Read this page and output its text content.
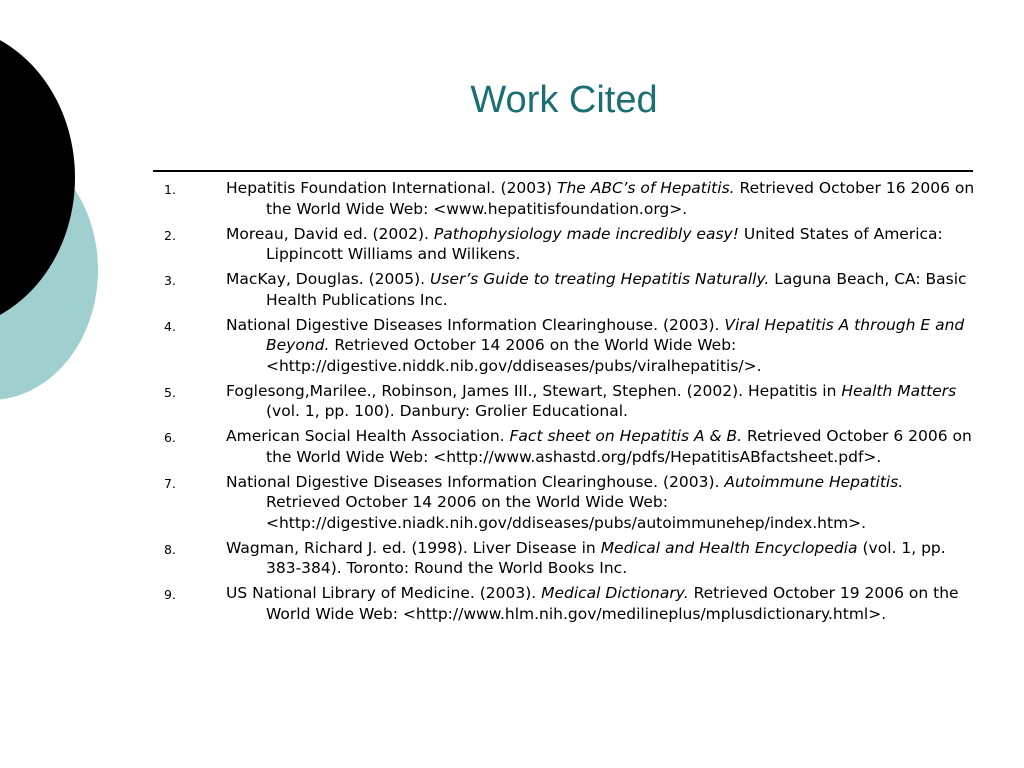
Work Cited
1.	Hepatitis Foundation International. (2003) The ABC’s of Hepatitis. Retrieved October 16 2006 on the World Wide Web: <www.hepatitisfoundation.org>.
2.	Moreau, David ed. (2002). Pathophysiology made incredibly easy! United States of America: Lippincott Williams and Wilikens.
3.	MacKay, Douglas. (2005). User’s Guide to treating Hepatitis Naturally. Laguna Beach, CA: Basic Health Publications Inc.
4.	National Digestive Diseases Information Clearinghouse. (2003). Viral Hepatitis A through E and Beyond. Retrieved October 14 2006 on the World Wide Web: <http://digestive.niddk.nib.gov/ddiseases/pubs/viralhepatitis/>.
5.	Foglesong,Marilee., Robinson, James III., Stewart, Stephen. (2002). Hepatitis in Health Matters (vol. 1, pp. 100). Danbury: Grolier Educational.
6.	American Social Health Association. Fact sheet on Hepatitis A & B. Retrieved October 6 2006 on the World Wide Web: <http://www.ashastd.org/pdfs/HepatitisABfactsheet.pdf>.
7.	National Digestive Diseases Information Clearinghouse. (2003). Autoimmune Hepatitis. Retrieved October 14 2006 on the World Wide Web: <http://digestive.niadk.nih.gov/ddiseases/pubs/autoimmunehep/index.htm>.
8.	Wagman, Richard J. ed. (1998). Liver Disease in Medical and Health Encyclopedia (vol. 1, pp. 383-384). Toronto: Round the World Books Inc.
9.	US National Library of Medicine. (2003). Medical Dictionary. Retrieved October 19 2006 on the World Wide Web: <http://www.hlm.nih.gov/medilineplus/mplusdictionary.html>.
